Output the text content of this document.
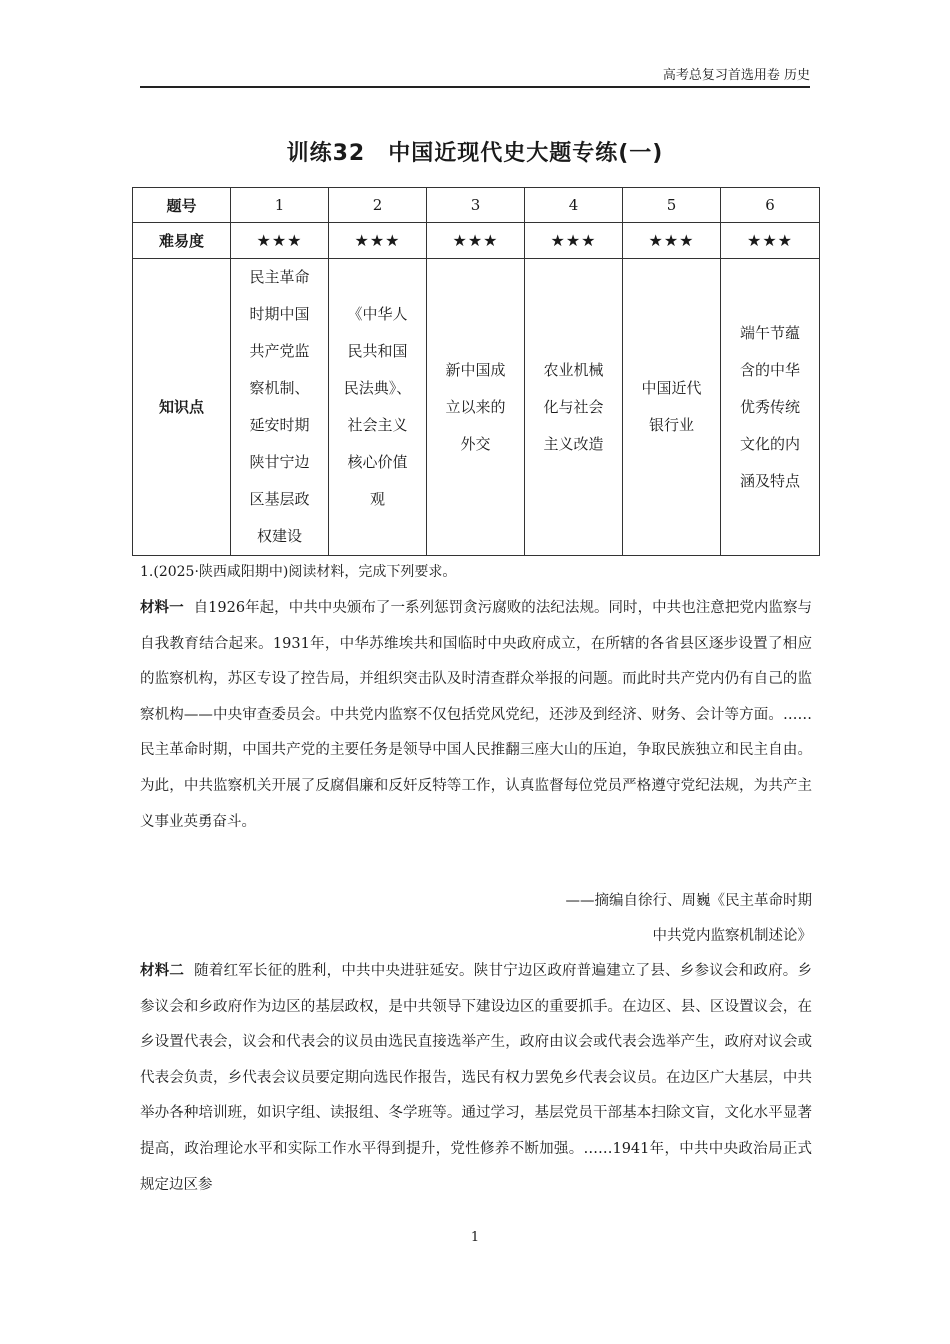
高考总复习首选用卷 历史
训练32　中国近现代史大题专练(一)
题号	1	2	3	4	5	6
难易度	★★★	★★★	★★★	★★★	★★★	★★★
知识点	民主革命时期中国共产党监察机制、延安时期陕甘宁边区基层政权建设	《中华人民共和国民法典》、社会主义核心价值观	新中国成立以来的外交	农业机械化与社会主义改造	中国近代银行业	端午节蕴含的中华优秀传统文化的内涵及特点
1.(2025·陕西咸阳期中)阅读材料，完成下列要求。
材料一 自1926年起，中共中央颁布了一系列惩罚贪污腐败的法纪法规。同时，中共也注意把党内监察与自我教育结合起来。1931年，中华苏维埃共和国临时中央政府成立，在所辖的各省县区逐步设置了相应的监察机构，苏区专设了控告局，并组织突击队及时清查群众举报的问题。而此时共产党内仍有自己的监察机构——中央审查委员会。中共党内监察不仅包括党风党纪，还涉及到经济、财务、会计等方面。……民主革命时期，中国共产党的主要任务是领导中国人民推翻三座大山的压迫，争取民族独立和民主自由。为此，中共监察机关开展了反腐倡廉和反奸反特等工作，认真监督每位党员严格遵守党纪法规，为共产主义事业英勇奋斗。
——摘编自徐行、周巍《民主革命时期
中共党内监察机制述论》
材料二 随着红军长征的胜利，中共中央进驻延安。陕甘宁边区政府普遍建立了县、乡参议会和政府。乡参议会和乡政府作为边区的基层政权，是中共领导下建设边区的重要抓手。在边区、县、区设置议会，在乡设置代表会，议会和代表会的议员由选民直接选举产生，政府由议会或代表会选举产生，政府对议会或代表会负责，乡代表会议员要定期向选民作报告，选民有权力罢免乡代表会议员。在边区广大基层，中共举办各种培训班，如识字组、读报组、冬学班等。通过学习，基层党员干部基本扫除文盲，文化水平显著提高，政治理论水平和实际工作水平得到提升，党性修养不断加强。……1941年，中共中央政治局正式规定边区参
1
